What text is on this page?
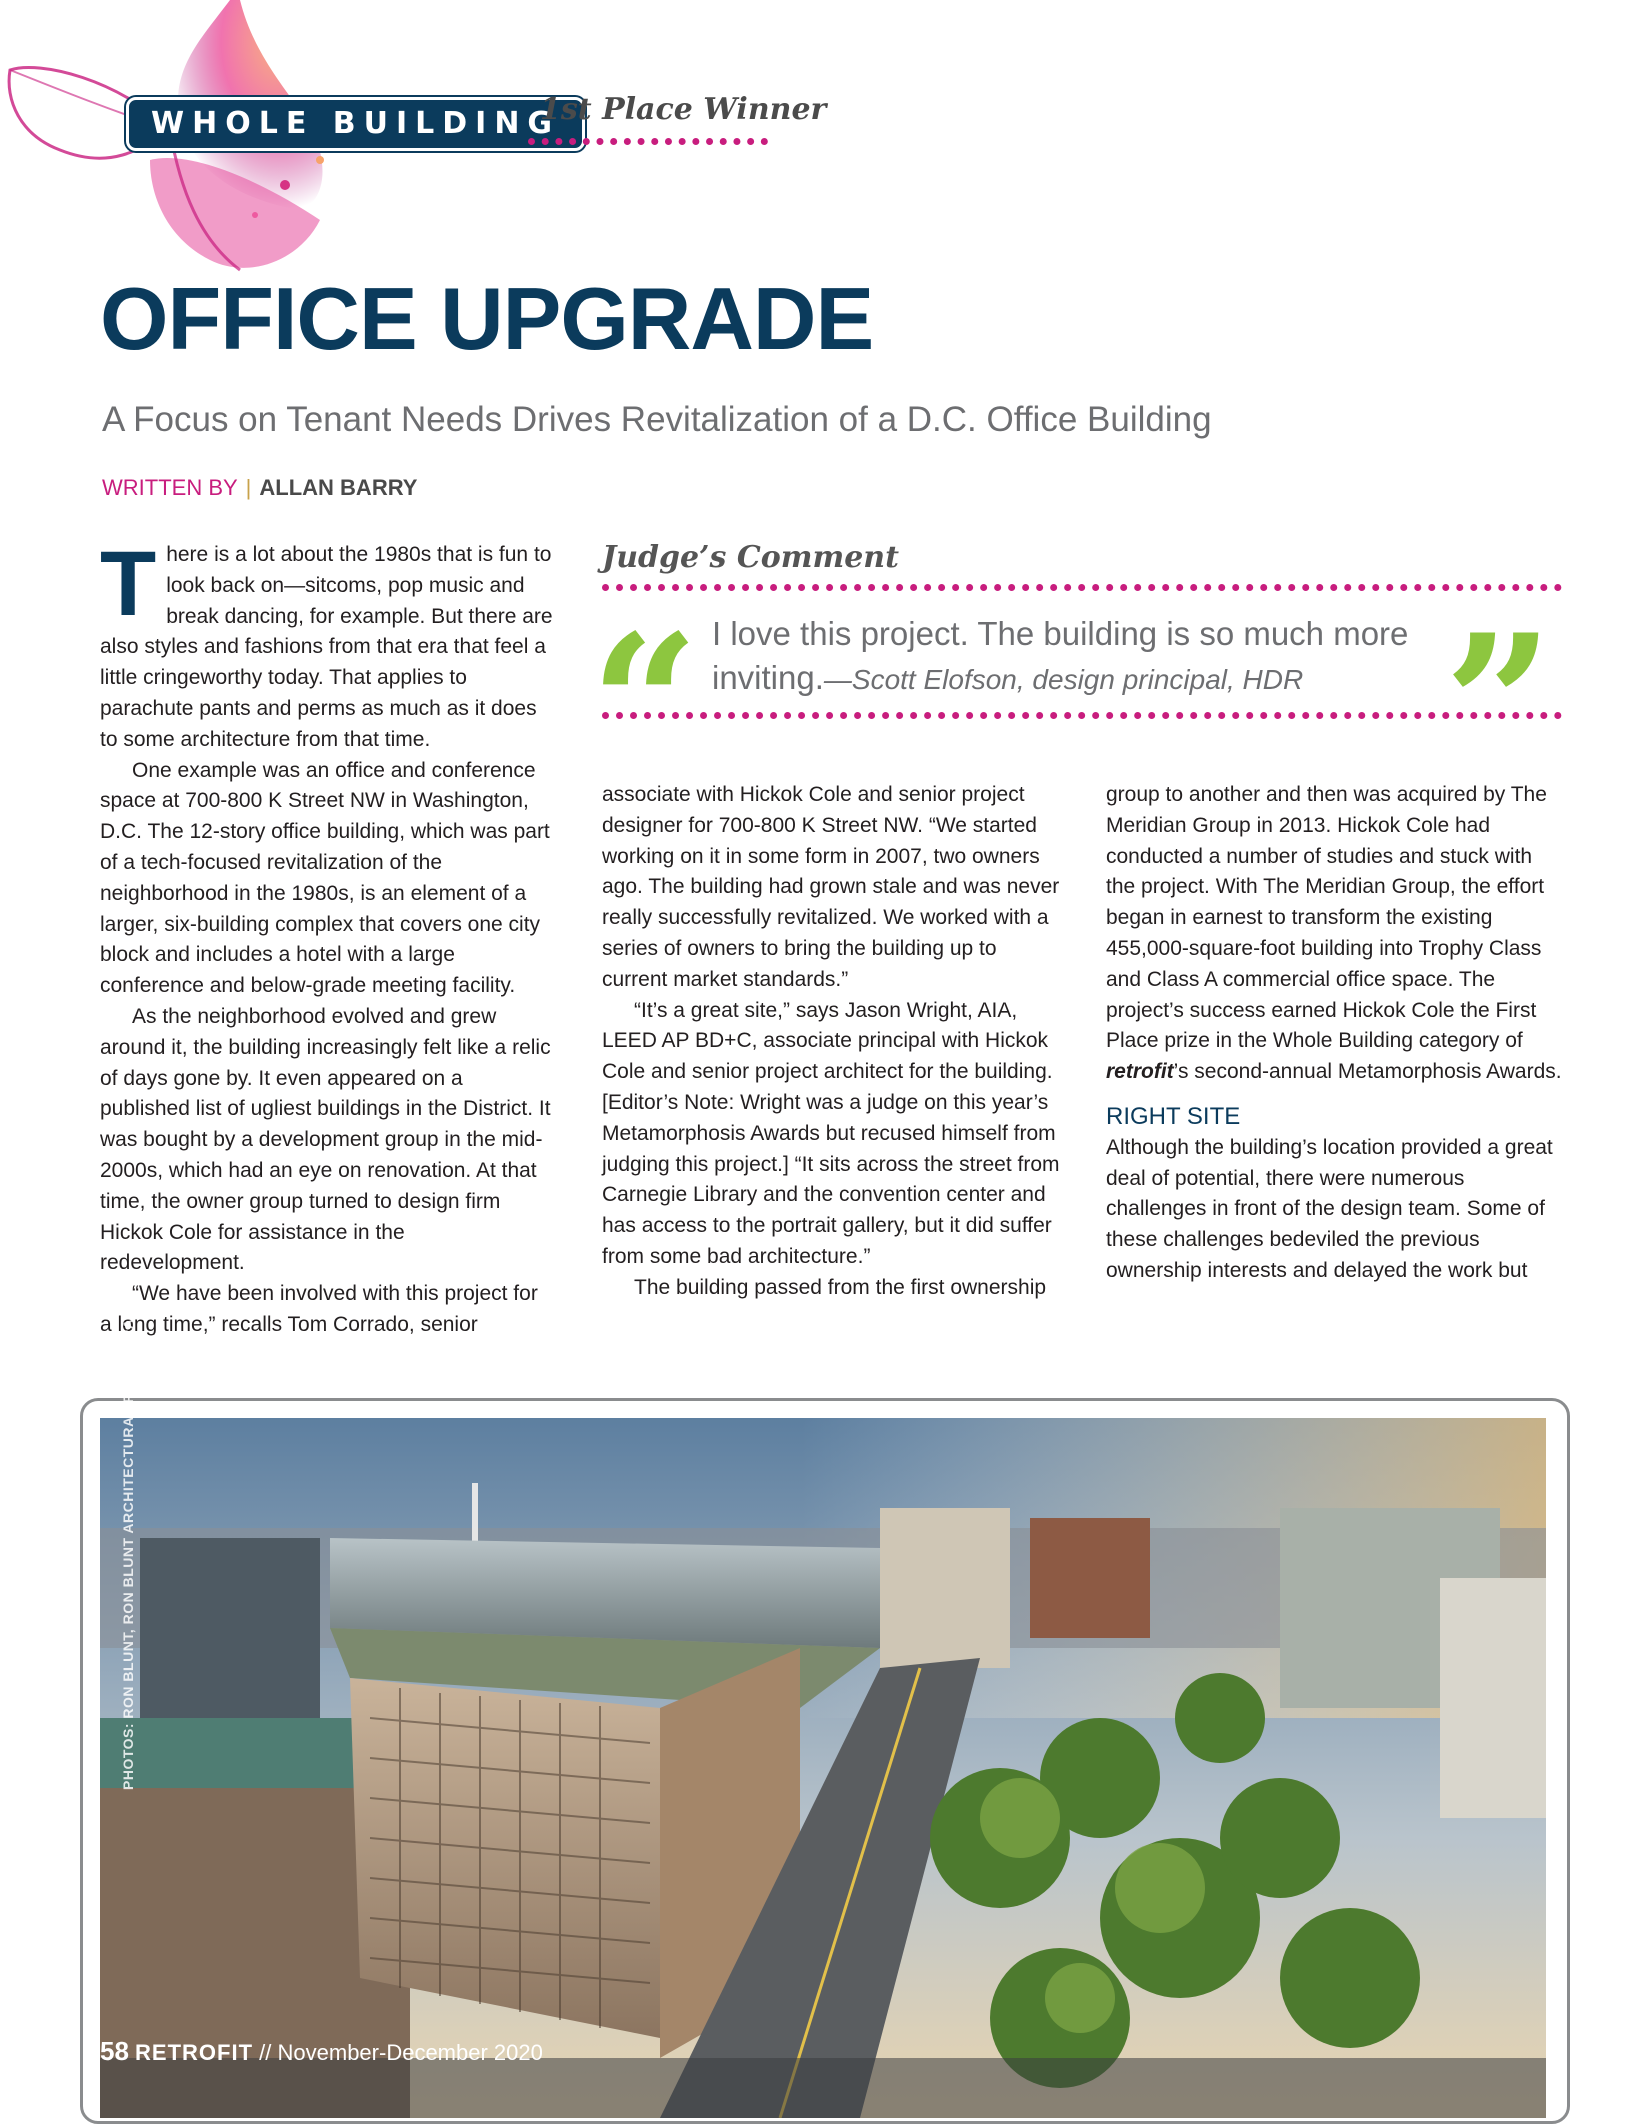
WHOLE BUILDING
1st Place Winner
OFFICE UPGRADE
A Focus on Tenant Needs Drives Revitalization of a D.C. Office Building
WRITTEN BY | ALLAN BARRY

There is a lot about the 1980s that is fun to look back on—sitcoms, pop music and break dancing, for example. But there are also styles and fashions from that era that feel a little cringeworthy today. That applies to parachute pants and perms as much as it does to some architecture from that time.

One example was an office and conference space at 700-800 K Street NW in Washington, D.C. The 12-story office building, which was part of a tech-focused revitalization of the neighborhood in the 1980s, is an element of a larger, six-building complex that covers one city block and includes a hotel with a large conference and below-grade meeting facility.

As the neighborhood evolved and grew around it, the building increasingly felt like a relic of days gone by. It even appeared on a published list of ugliest buildings in the District. It was bought by a development group in the mid-2000s, which had an eye on renovation. At that time, the owner group turned to design firm Hickok Cole for assistance in the redevelopment.

“We have been involved with this project for a long time,” recalls Tom Corrado, senior

Judge’s Comment
“ I love this project. The building is so much more inviting.—Scott Elofson, design principal, HDR ”

associate with Hickok Cole and senior project designer for 700-800 K Street NW. “We started working on it in some form in 2007, two owners ago. The building had grown stale and was never really successfully revitalized. We worked with a series of owners to bring the building up to current market standards.”

“It’s a great site,” says Jason Wright, AIA, LEED AP BD+C, associate principal with Hickok Cole and senior project architect for the building. [Editor’s Note: Wright was a judge on this year’s Metamorphosis Awards but recused himself from judging this project.] “It sits across the street from Carnegie Library and the convention center and has access to the portrait gallery, but it did suffer from some bad architecture.”

The building passed from the first ownership

group to another and then was acquired by The Meridian Group in 2013. Hickok Cole had conducted a number of studies and stuck with the project. With The Meridian Group, the effort began in earnest to transform the existing 455,000-square-foot building into Trophy Class and Class A commercial office space. The project’s success earned Hickok Cole the First Place prize in the Whole Building category of retrofit’s second-annual Metamorphosis Awards.

RIGHT SITE

Although the building’s location provided a great deal of potential, there were numerous challenges in front of the design team. Some of these challenges bedeviled the previous ownership interests and delayed the work but

PHOTOS: RON BLUNT, RON BLUNT ARCHITECTURAL PHOTOGRAPHY
58 RETROFIT // November-December 2020
